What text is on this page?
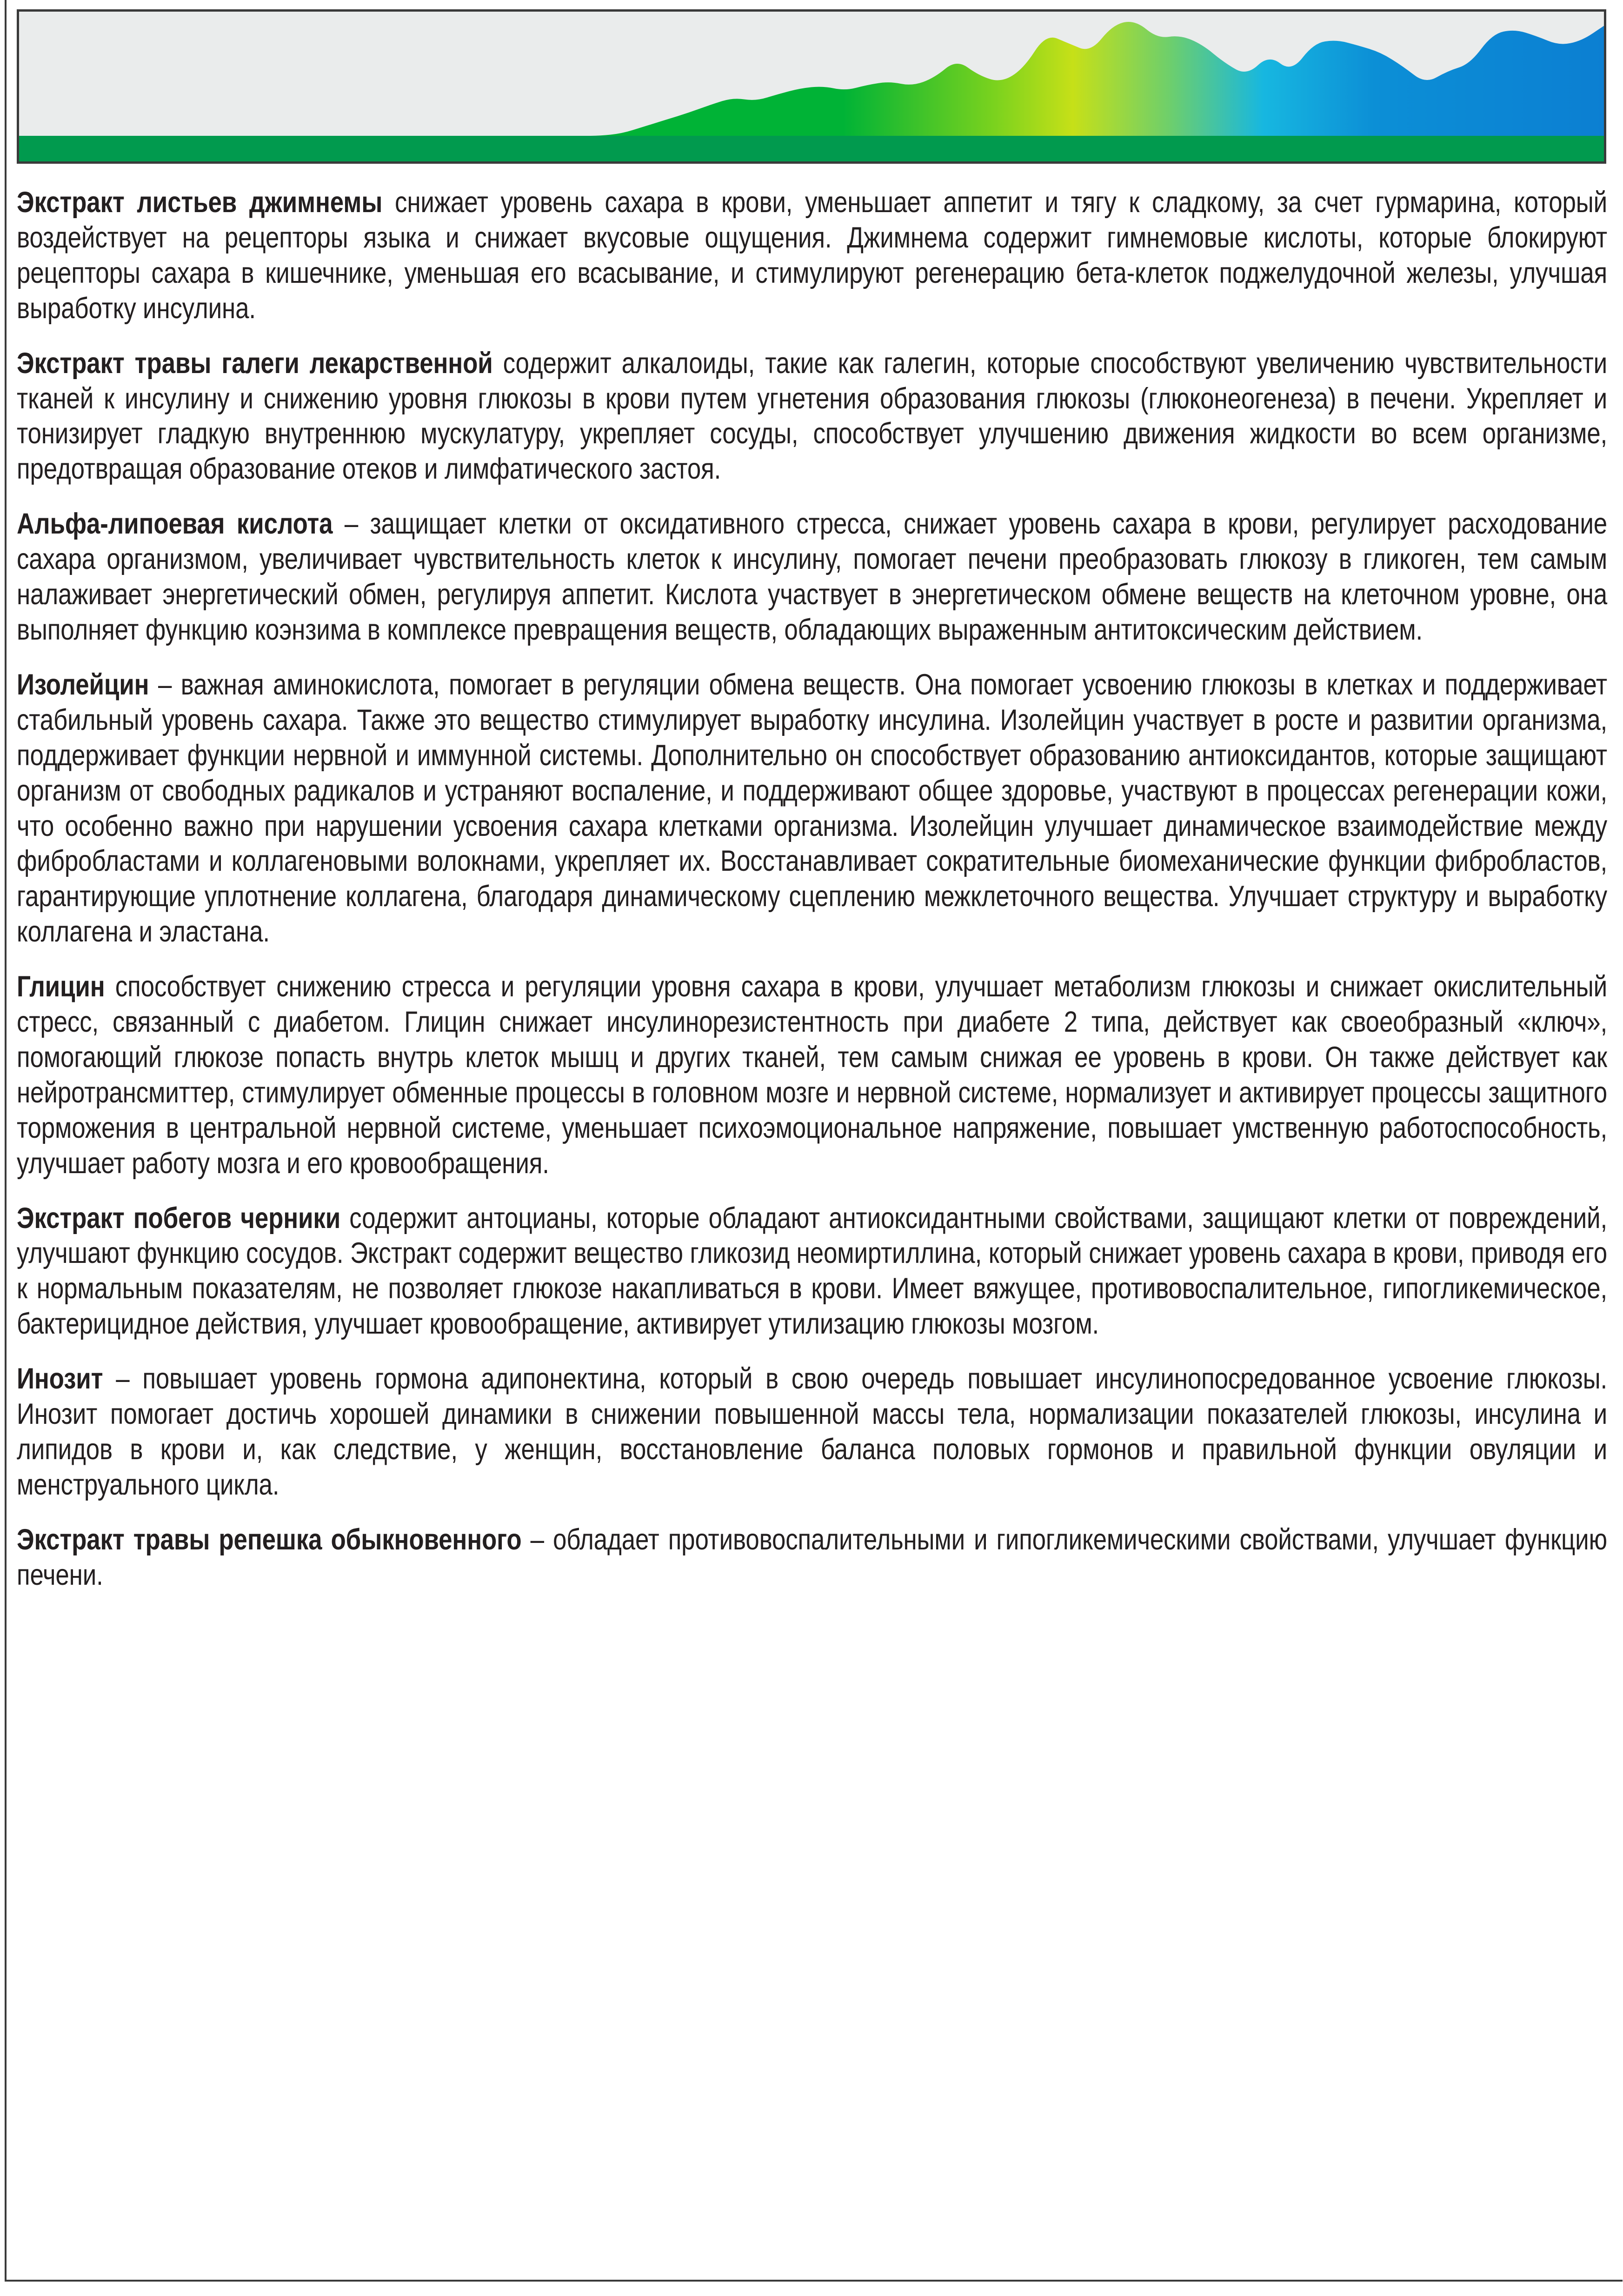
Экстракт листьев джимнемы снижает уровень сахара в крови, уменьшает аппетит и тягу к сладкому, за счет гурмарина, который воздействует на рецепторы языка и снижает вкусовые ощущения. Джимнема содержит гимнемовые кислоты, которые блокируют рецепторы сахара в кишечнике, уменьшая его всасывание, и стимулируют регенерацию бета-клеток поджелудочной железы, улучшая выработку инсулина.

Экстракт травы галеги лекарственной содержит алкалоиды, такие как галегин, которые способствуют увеличению чувствительности тканей к инсулину и снижению уровня глюкозы в крови путем угнетения образования глюкозы (глюконеогенеза) в печени. Укрепляет и тонизирует гладкую внутреннюю мускулатуру, укрепляет сосуды, способствует улучшению движения жидкости во всем организме, предотвращая образование отеков и лимфатического застоя.

Альфа-липоевая кислота – защищает клетки от оксидативного стресса, снижает уровень сахара в крови, регулирует расходование сахара организмом, увеличивает чувствительность клеток к инсулину, помогает печени преобразовать глюкозу в гликоген, тем самым налаживает энергетический обмен, регулируя аппетит. Кислота участвует в энергетическом обмене веществ на клеточном уровне, она выполняет функцию коэнзима в комплексе превращения веществ, обладающих выраженным антитоксическим действием.

Изолейцин – важная аминокислота, помогает в регуляции обмена веществ. Она помогает усвоению глюкозы в клетках и поддерживает стабильный уровень сахара. Также это вещество стимулирует выработку инсулина. Изолейцин участвует в росте и развитии организма, поддерживает функции нервной и иммунной системы. Дополнительно он способствует образованию антиоксидантов, которые защищают организм от свободных радикалов и устраняют воспаление, и поддерживают общее здоровье, участвуют в процессах регенерации кожи, что особенно важно при нарушении усвоения сахара клетками организма. Изолейцин улучшает динамическое взаимодействие между фибробластами и коллагеновыми волокнами, укрепляет их. Восстанавливает сократительные биомеханические функции фибробластов, гарантирующие уплотнение коллагена, благодаря динамическому сцеплению межклеточного вещества. Улучшает структуру и выработку коллагена и эластана.

Глицин способствует снижению стресса и регуляции уровня сахара в крови, улучшает метаболизм глюкозы и снижает окислительный стресс, связанный с диабетом. Глицин снижает инсулинорезистентность при диабете 2 типа, действует как своеобразный «ключ», помогающий глюкозе попасть внутрь клеток мышц и других тканей, тем самым снижая ее уровень в крови. Он также действует как нейротрансмиттер, стимулирует обменные процессы в головном мозге и нервной системе, нормализует и активирует процессы защитного торможения в центральной нервной системе, уменьшает психоэмоциональное напряжение, повышает умственную работоспособность, улучшает работу мозга и его кровообращения.

Экстракт побегов черники содержит антоцианы, которые обладают антиоксидантными свойствами, защищают клетки от повреждений, улучшают функцию сосудов. Экстракт содержит вещество гликозид неомиртиллина, который снижает уровень сахара в крови, приводя его к нормальным показателям, не позволяет глюкозе накапливаться в крови. Имеет вяжущее, противовоспалительное, гипогликемическое, бактерицидное действия, улучшает кровообращение, активирует утилизацию глюкозы мозгом.

Инозит – повышает уровень гормона адипонектина, который в свою очередь повышает инсулинопосредованное усвоение глюкозы. Инозит помогает достичь хорошей динамики в снижении повышенной массы тела, нормализации показателей глюкозы, инсулина и липидов в крови и, как следствие, у женщин, восстановление баланса половых гормонов и правильной функции овуляции и менструального цикла.

Экстракт травы репешка обыкновенного – обладает противовоспалительными и гипогликемическими свойствами, улучшает функцию печени.
